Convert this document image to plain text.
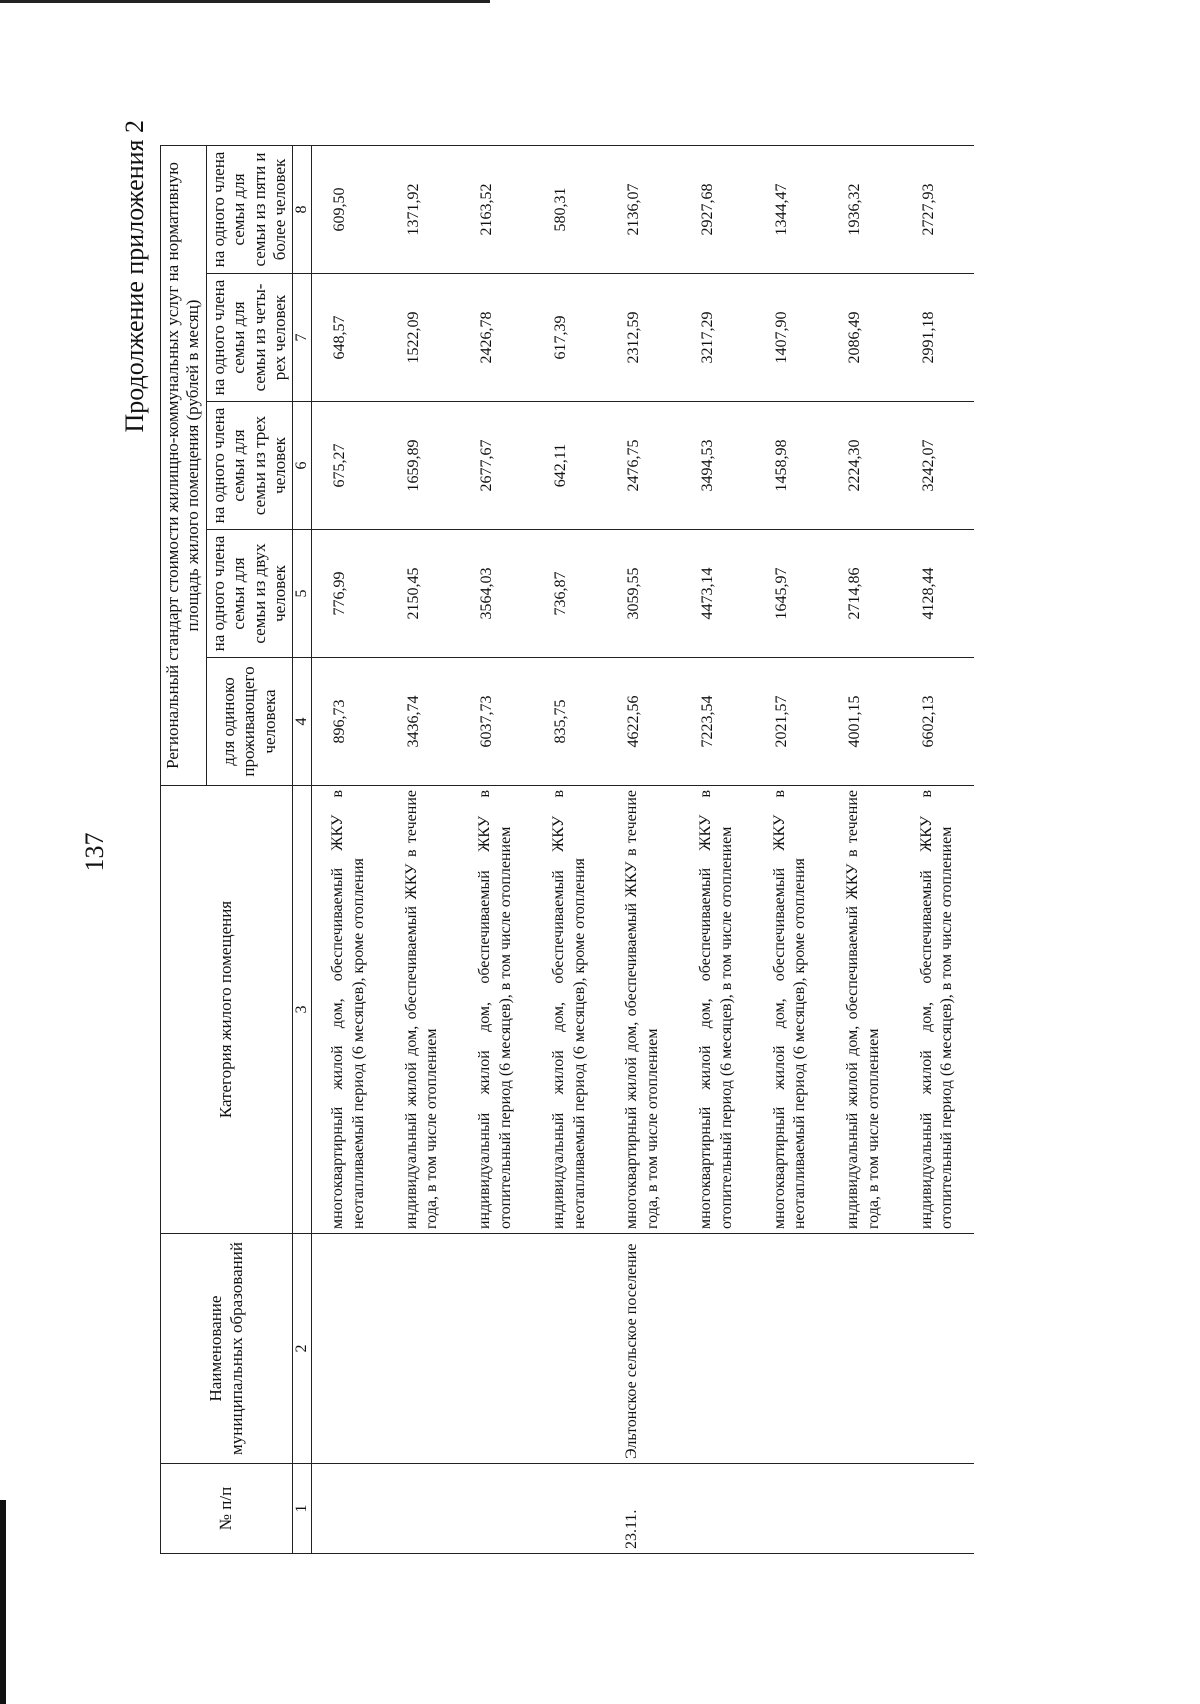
137
Продолжение приложения 2
№ п/п	Наименование муниципальных образований	Категория жилого помещения	Региональный стандарт стоимости жилищно-коммунальных услуг на нормативную площадь жилого помещения (рублей в месяц)				
			для одиноко проживающего человека	на одного члена семьи для семьи из двух человек	на одного члена семьи для семьи из трех человек	на одного члена семьи для семьи из четы-рех человек	на одного члена семьи для семьи из пяти и более человек
1	2	3	4	5	6	7	8
		многоквартирный жилой дом, обеспечиваемый ЖКУ в неотапливаемый период (6 месяцев), кроме отопления	896,73	776,99	675,27	648,57	609,50
		индивидуальный жилой дом, обеспечиваемый ЖКУ в течение года, в том числе отоплением	3436,74	2150,45	1659,89	1522,09	1371,92
		индивидуальный жилой дом, обеспечиваемый ЖКУ в отопительный период (6 месяцев), в том числе отоплением	6037,73	3564,03	2677,67	2426,78	2163,52
		индивидуальный жилой дом, обеспечиваемый ЖКУ в неотапливаемый период (6 месяцев), кроме отопления	835,75	736,87	642,11	617,39	580,31
23.11.	Эльтонское сельское поселение	многоквартирный жилой дом, обеспечиваемый ЖКУ в течение года, в том числе отоплением	4622,56	3059,55	2476,75	2312,59	2136,07
		многоквартирный жилой дом, обеспечиваемый ЖКУ в отопительный период (6 месяцев), в том числе отоплением	7223,54	4473,14	3494,53	3217,29	2927,68
		многоквартирный жилой дом, обеспечиваемый ЖКУ в неотапливаемый период (6 месяцев), кроме отопления	2021,57	1645,97	1458,98	1407,90	1344,47
		индивидуальный жилой дом, обеспечиваемый ЖКУ в течение года, в том числе отоплением	4001,15	2714,86	2224,30	2086,49	1936,32
		индивидуальный жилой дом, обеспечиваемый ЖКУ в отопительный период (6 месяцев), в том числе отоплением	6602,13	4128,44	3242,07	2991,18	2727,93
